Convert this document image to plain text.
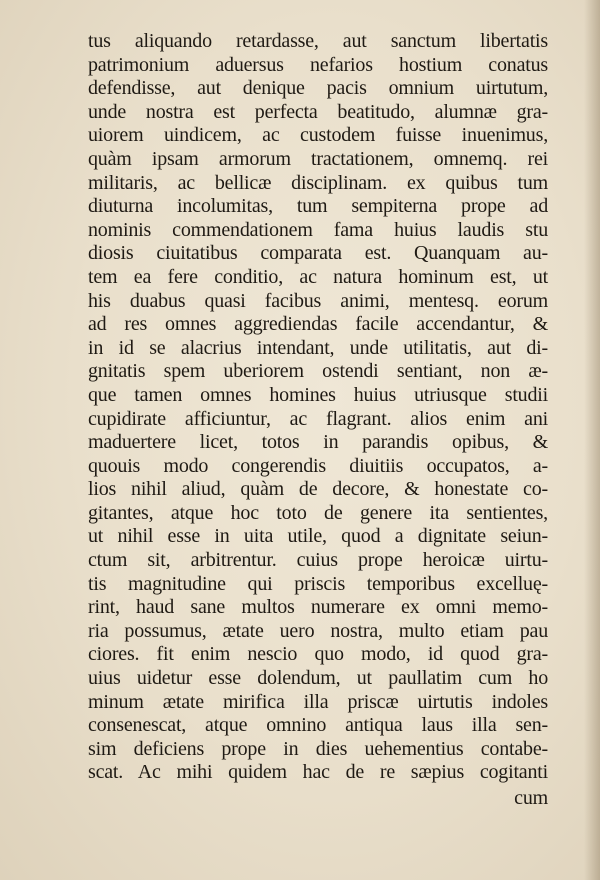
tus aliquando retardasse, aut sanctum libertatis
patrimonium aduersus nefarios hostium conatus
defendisse, aut denique pacis omnium uirtutum,
unde nostra est perfecta beatitudo, alumnæ gra-
uiorem uindicem, ac custodem fuisse inuenimus,
quàm ipsam armorum tractationem, omnemq. rei
militaris, ac bellicæ disciplinam. ex quibus tum
diuturna incolumitas, tum sempiterna prope ad
nominis commendationem fama huius laudis stu
diosis ciuitatibus comparata est. Quanquam au-
tem ea fere conditio, ac natura hominum est, ut
his duabus quasi facibus animi, mentesq. eorum
ad res omnes aggrediendas facile accendantur, &
in id se alacrius intendant, unde utilitatis, aut di-
gnitatis spem uberiorem ostendi sentiant, non æ-
que tamen omnes homines huius utriusque studii
cupidirate afficiuntur, ac flagrant. alios enim ani
maduertere licet, totos in parandis opibus, &
quouis modo congerendis diuitiis occupatos, a-
lios nihil aliud, quàm de decore, & honestate co-
gitantes, atque hoc toto de genere ita sentientes,
ut nihil esse in uita utile, quod a dignitate seiun-
ctum sit, arbitrentur. cuius prope heroicæ uirtu-
tis magnitudine qui priscis temporibus excelluę-
rint, haud sane multos numerare ex omni memo-
ria possumus, ætate uero nostra, multo etiam pau
ciores. fit enim nescio quo modo, id quod gra-
uius uidetur esse dolendum, ut paullatim cum ho
minum ætate mirifica illa priscæ uirtutis indoles
consenescat, atque omnino antiqua laus illa sen-
sim deficiens prope in dies uehementius contabe-
scat. Ac mihi quidem hac de re sæpius cogitanti
cum
